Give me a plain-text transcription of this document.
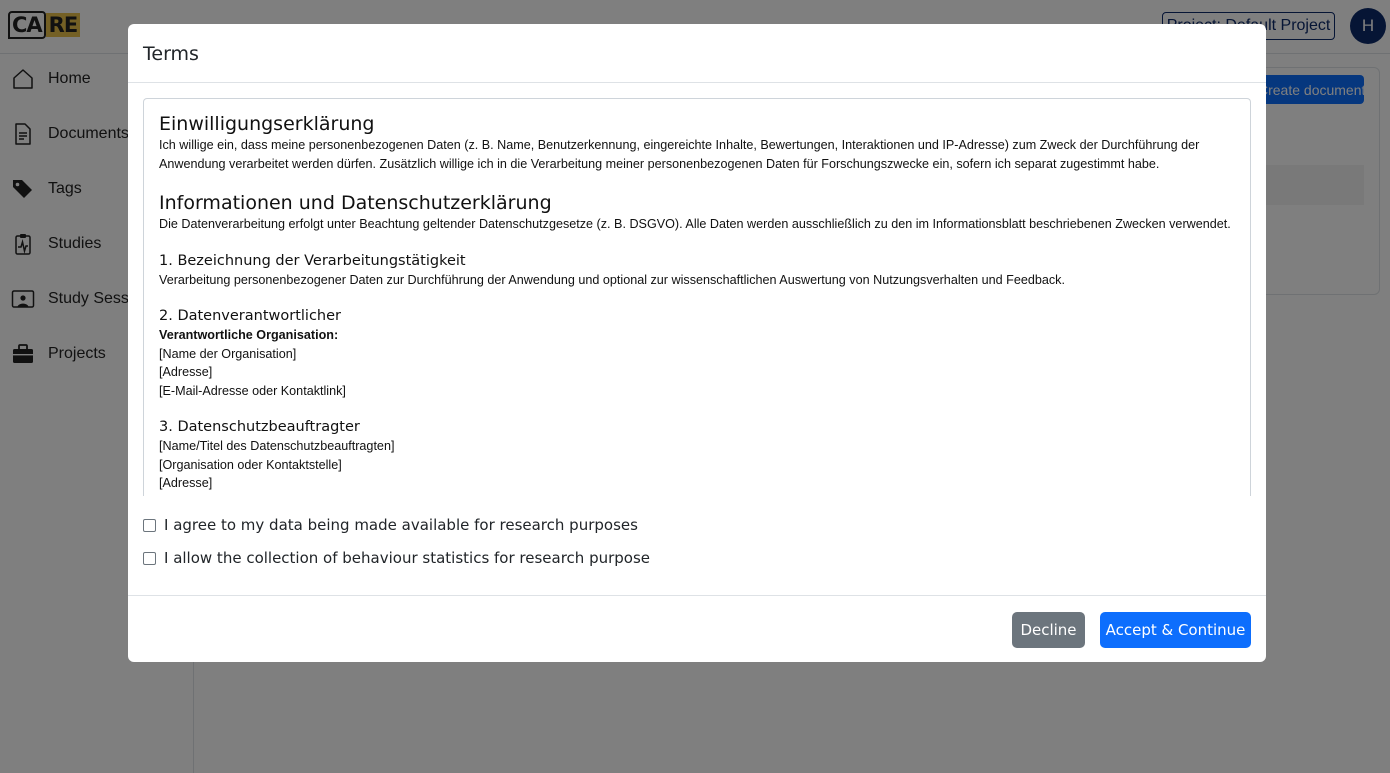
Terms
Einwilligungserklärung

Ich willige ein, dass meine personenbezogenen Daten (z. B. Name, Benutzerkennung, eingereichte Inhalte, Bewertungen, Interaktionen und IP-Adresse) zum Zweck der Durchführung der Anwendung verarbeitet werden dürfen. Zusätzlich willige ich in die Verarbeitung meiner personenbezogenen Daten für Forschungszwecke ein, sofern ich separat zugestimmt habe.

Informationen und Datenschutzerklärung

Die Datenverarbeitung erfolgt unter Beachtung geltender Datenschutzgesetze (z. B. DSGVO). Alle Daten werden ausschließlich zu den im Informationsblatt beschriebenen Zwecken verwendet.

1. Bezeichnung der Verarbeitungstätigkeit

Verarbeitung personenbezogener Daten zur Durchführung der Anwendung und optional zur wissenschaftlichen Auswertung von Nutzungsverhalten und Feedback.

2. Datenverantwortlicher
Verantwortliche Organisation:
[Name der Organisation]
[Adresse]
[E-Mail-Adresse oder Kontaktlink]
3. Datenschutzbeauftragter
[Name/Titel des Datenschutzbeauftragten]
[Organisation oder Kontaktstelle]
[Adresse]
I agree to my data being made available for research purposes
I allow the collection of behaviour statistics for research purpose
Decline	Accept & Continue
